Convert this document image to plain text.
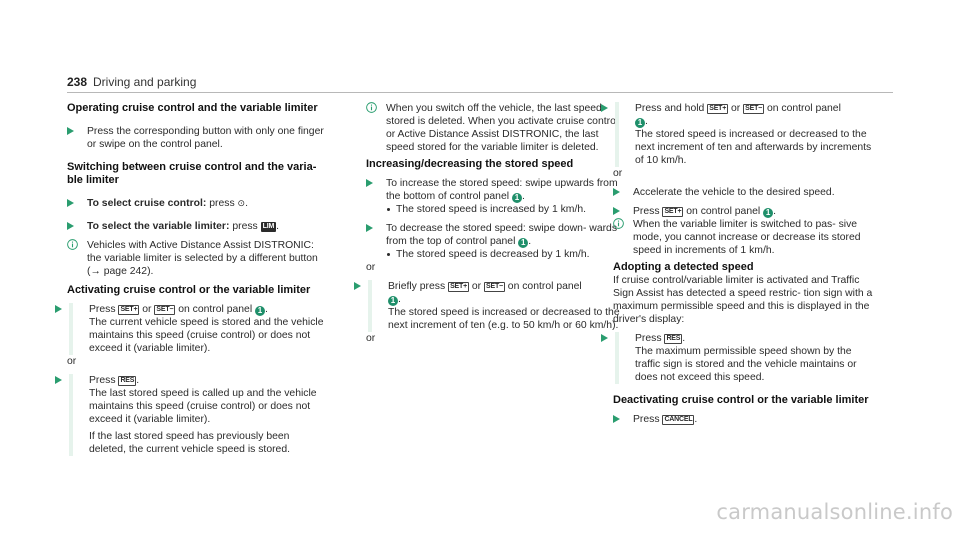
238 Driving and parking
Operating cruise control and the variable limiter
Press the corresponding button with only one finger or swipe on the control panel.
Switching between cruise control and the varia- ble limiter
To select cruise control: press ⊙.
To select the variable limiter: press LIM .
Vehicles with Active Distance Assist DISTRONIC: the variable limiter is selected by a different button (→ page 242).
Activating cruise control or the variable limiter
Press SET+ or SET− on control panel 1 .
The current vehicle speed is stored and the vehicle maintains this speed (cruise control) or does not exceed it (variable limiter).
or
Press RES .
The last stored speed is called up and the vehicle maintains this speed (cruise control) or does not exceed it (variable limiter).
If the last stored speed has previously been deleted, the current vehicle speed is stored.
When you switch off the vehicle, the last speed stored is deleted. When you activate cruise control or Active Distance Assist DISTRONIC, the last speed stored for the variable limiter is deleted.
Increasing/decreasing the stored speed
To increase the stored speed: swipe upwards from the bottom of control panel 1 .
The stored speed is increased by 1 km/h.
To decrease the stored speed: swipe down- wards from the top of control panel 1 .
The stored speed is decreased by 1 km/h.
or
Briefly press SET+ or SET− on control panel
1 .
The stored speed is increased or decreased to the next increment of ten (e.g. to 50 km/h or 60 km/h).
or
Press and hold SET+ or SET− on control panel
1 .
The stored speed is increased or decreased to the next increment of ten and afterwards by increments of 10 km/h.
or
Accelerate the vehicle to the desired speed.
Press SET+ on control panel 1 .
When the variable limiter is switched to pas- sive mode, you cannot increase or decrease its stored speed in increments of 1 km/h.
Adopting a detected speed
If cruise control/variable limiter is activated and Traffic Sign Assist has detected a speed restric- tion sign with a maximum permissible speed and this is displayed in the driver's display:
Press RES .
The maximum permissible speed shown by the traffic sign is stored and the vehicle maintains or does not exceed this speed.
Deactivating cruise control or the variable limiter
Press CANCEL .
carmanualsonline.info
